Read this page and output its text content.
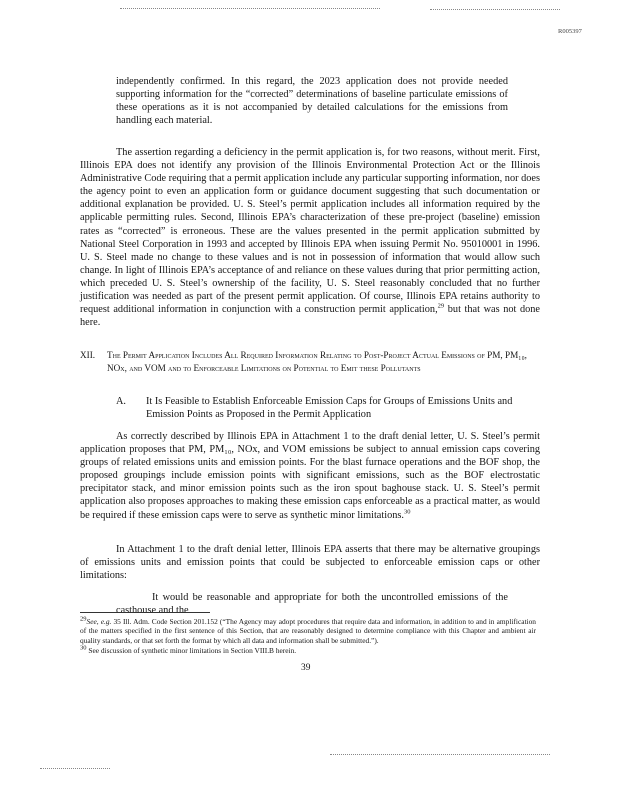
R005397

independently confirmed. In this regard, the 2023 application does not provide needed supporting information for the “corrected” determinations of baseline particulate emissions of these operations as it is not accompanied by detailed calculations for the emissions from handling each material.

The assertion regarding a deficiency in the permit application is, for two reasons, without merit. First, Illinois EPA does not identify any provision of the Illinois Environmental Protection Act or the Illinois Administrative Code requiring that a permit application include any particular supporting information, nor does the agency point to even an application form or guidance document suggesting that such documentation or additional explanation be provided. U. S. Steel’s permit application includes all information required by the applicable permitting rules. Second, Illinois EPA’s characterization of these pre-project (baseline) emission rates as “corrected” is erroneous. These are the values presented in the permit application submitted by National Steel Corporation in 1993 and accepted by Illinois EPA when issuing Permit No. 95010001 in 1996. U. S. Steel made no change to these values and is not in possession of information that would allow such change. In light of Illinois EPA’s acceptance of and reliance on these values during that prior permitting action, which preceded U. S. Steel’s ownership of the facility, U. S. Steel reasonably concluded that no further justification was needed as part of the present permit application. Of course, Illinois EPA retains authority to request additional information in conjunction with a construction permit application,$^{29}$ but that was not done here.

XII. The Permit Application Includes All Required Information Relating to Post-Project Actual Emissions of PM, PM₁₀, NOx, and VOM and to Enforceable Limitations on Potential to Emit these Pollutants
A. It Is Feasible to Establish Enforceable Emission Caps for Groups of Emissions Units and Emission Points as Proposed in the Permit Application

As correctly described by Illinois EPA in Attachment 1 to the draft denial letter, U. S. Steel’s permit application proposes that PM, PM₁₀, NOx, and VOM emissions be subject to annual emission caps covering groups of related emissions units and emission points. For the blast furnace operations and the BOF shop, the proposed groupings include emission points with significant emissions, such as the BOF electrostatic precipitator stack, and minor emission points such as the iron spout baghouse stack. U. S. Steel’s permit application also proposes approaches to making these emission caps enforceable as a practical matter, as would be required if these emission caps were to serve as synthetic minor limitations.$^{30}$

In Attachment 1 to the draft denial letter, Illinois EPA asserts that there may be alternative groupings of emissions units and emission points that could be subjected to enforceable emission caps or other limitations:

It would be reasonable and appropriate for both the uncontrolled emissions of the casthouse and the

$^{29}$See, e.g. 35 Ill. Adm. Code Section 201.152 (“The Agency may adopt procedures that require data and information, in addition to and in amplification of the matters specified in the first sentence of this Section, that are reasonably designed to determine compliance with this Chapter and ambient air quality standards, or that set forth the format by which all data and information shall be submitted.”).
$^{30}$ See discussion of synthetic minor limitations in Section VIII.B herein.
39
